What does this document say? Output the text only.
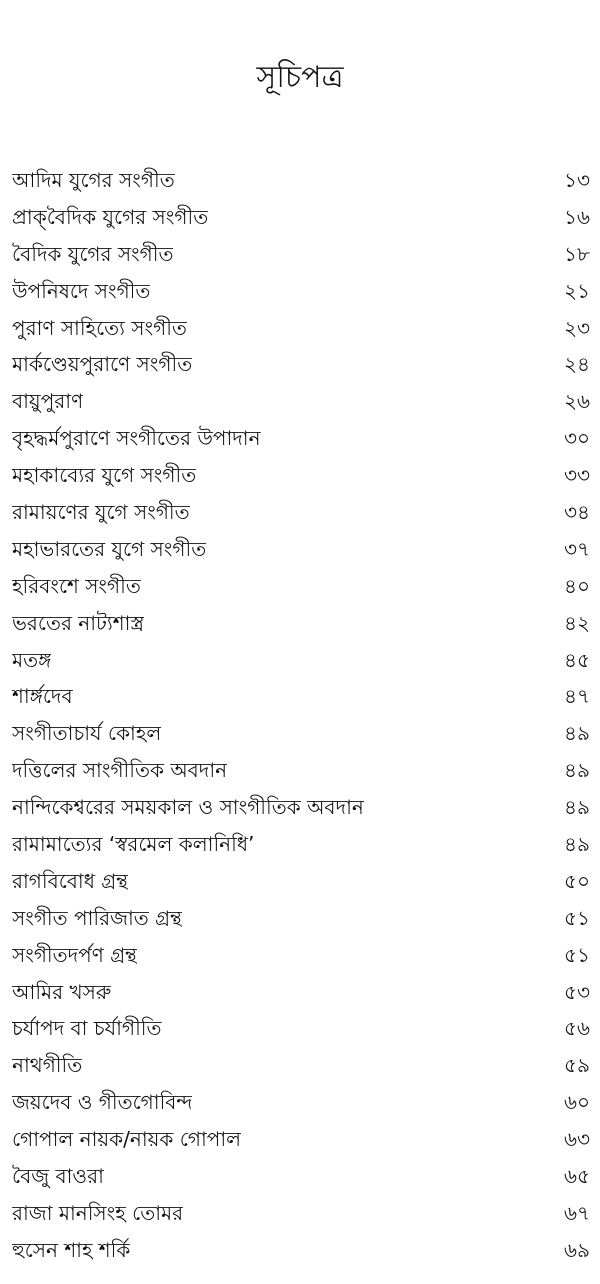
সূচিপত্র
আদিম যুগের সংগীত	১৩
প্রাক্‌বৈদিক যুগের সংগীত	১৬
বৈদিক যুগের সংগীত	১৮
উপনিষদে সংগীত	২১
পুরাণ সাহিত্যে সংগীত	২৩
মার্কণ্ডেয়পুরাণে সংগীত	২৪
বায়ুপুরাণ	২৬
বৃহদ্ধর্মপুরাণে সংগীতের উপাদান	৩০
মহাকাব্যের যুগে সংগীত	৩৩
রামায়ণের যুগে সংগীত	৩৪
মহাভারতের যুগে সংগীত	৩৭
হরিবংশে সংগীত	৪০
ভরতের নাট্যশাস্ত্র	৪২
মতঙ্গ	৪৫
শার্ঙ্গদেব	৪৭
সংগীতাচার্য কোহল	৪৯
দত্তিলের সাংগীতিক অবদান	৪৯
নান্দিকেশ্বরের সময়কাল ও সাংগীতিক অবদান	৪৯
রামামাত্যের ‘স্বরমেল কলানিধি’	৪৯
রাগবিবোধ গ্রন্থ	৫০
সংগীত পারিজাত গ্রন্থ	৫১
সংগীতদর্পণ গ্রন্থ	৫১
আমির খসরু	৫৩
চর্যাপদ বা চর্যাগীতি	৫৬
নাথগীতি	৫৯
জয়দেব ও গীতগোবিন্দ	৬০
গোপাল নায়ক/নায়ক গোপাল	৬৩
বৈজু বাওরা	৬৫
রাজা মানসিংহ তোমর	৬৭
হুসেন শাহ শর্কি	৬৯
